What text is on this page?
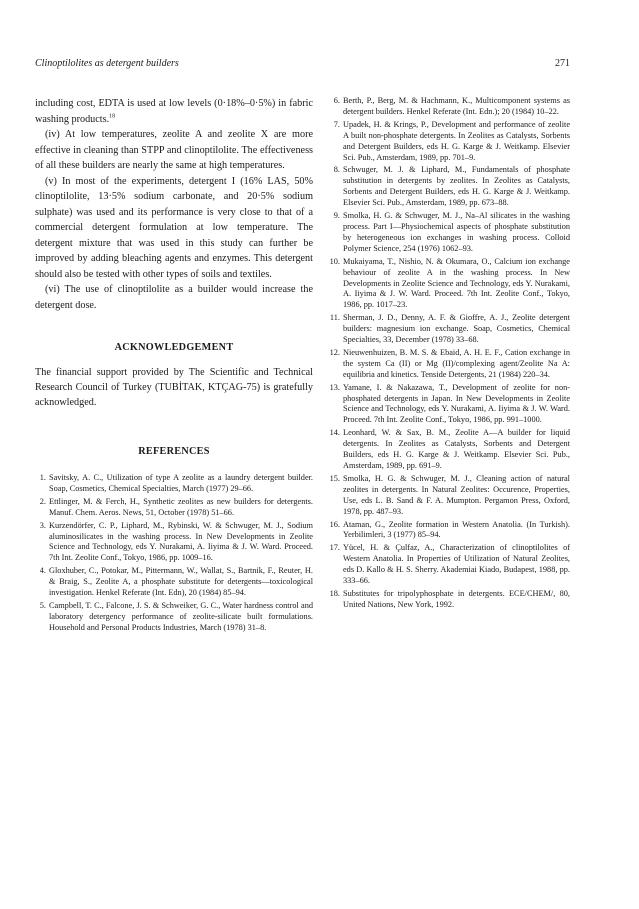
Clinoptilolites as detergent builders	271

including cost, EDTA is used at low levels (0·18%–0·5%) in fabric washing products.$^{18}$

(iv) At low temperatures, zeolite A and zeolite X are more effective in cleaning than STPP and clinoptilolite. The effectiveness of all these builders are nearly the same at high temperatures.

(v) In most of the experiments, detergent I (16% LAS, 50% clinoptilolite, 13·5% sodium carbonate, and 20·5% sodium sulphate) was used and its performance is very close to that of a commercial detergent formulation at low temperature. The detergent mixture that was used in this study can further be improved by adding bleaching agents and enzymes. This detergent should also be tested with other types of soils and textiles.

(vi) The use of clinoptilolite as a builder would increase the detergent dose.

ACKNOWLEDGEMENT

The financial support provided by The Scientific and Technical Research Council of Turkey (TUBİTAK, KTÇAG-75) is gratefully acknowledged.

REFERENCES
1. Savitsky, A. C., Utilization of type A zeolite as a laundry detergent builder. Soap, Cosmetics, Chemical Specialties, March (1977) 29–66.
2. Ettlinger, M. & Ferch, H., Synthetic zeolites as new builders for detergents. Manuf. Chem. Aeros. News, 51, October (1978) 51–66.
3. Kurzendörfer, C. P., Liphard, M., Rybinski, W. & Schwuger, M. J., Sodium aluminosilicates in the washing process. In New Developments in Zeolite Science and Technology, eds Y. Nurakami, A. Iiyima & J. W. Ward. Proceed. 7th Int. Zeolite Conf., Tokyo, 1986, pp. 1009–16.
4. Gloxhuber, C., Potokar, M., Pittermann, W., Wallat, S., Bartnik, F., Reuter, H. & Braig, S., Zeolite A, a phosphate substitute for detergents—toxicological investigation. Henkel Referate (Int. Edn), 20 (1984) 85–94.
5. Campbell, T. C., Falcone, J. S. & Schweiker, G. C., Water hardness control and laboratory detergency performance of zeolite-silicate built formulations. Household and Personal Products Industries, March (1978) 31–8.
6. Berth, P., Berg, M. & Hachmann, K., Multicomponent systems as detergent builders. Henkel Referate (Int. Edn.); 20 (1984) 10–22.
7. Upadek, H. & Krings, P., Development and performance of zeolite A built non-phosphate detergents. In Zeolites as Catalysts, Sorbents and Detergent Builders, eds H. G. Karge & J. Weitkamp. Elsevier Sci. Pub., Amsterdam, 1989, pp. 701–9.
8. Schwuger, M. J. & Liphard, M., Fundamentals of phosphate substitution in detergents by zeolites. In Zeolites as Catalysts, Sorbents and Detergent Builders, eds H. G. Karge & J. Weitkamp. Elsevier Sci. Pub., Amsterdam, 1989, pp. 673–88.
9. Smolka, H. G. & Schwuger, M. J., Na–Al silicates in the washing process. Part I—Physiochemical aspects of phosphate substitution by heterogeneous ion exchanges in washing process. Colloid Polymer Science, 254 (1976) 1062–93.
10. Mukaiyama, T., Nishio, N. & Okumara, O., Calcium ion exchange behaviour of zeolite A in the washing process. In New Developments in Zeolite Science and Technology, eds Y. Nurakami, A. Iiyima & J. W. Ward. Proceed. 7th Int. Zeolite Conf., Tokyo, 1986, pp. 1017–23.
11. Sherman, J. D., Denny, A. F. & Gioffre, A. J., Zeolite detergent builders: magnesium ion exchange. Soap, Cosmetics, Chemical Specialties, 33, December (1978) 33–68.
12. Nieuwenhuizen, B. M. S. & Ebaid, A. H. E. F., Cation exchange in the system Ca (II) or Mg (II)/complexing agent/Zeolite Na A: equilibria and kinetics. Tenside Detergents, 21 (1984) 220–34.
13. Yamane, I. & Nakazawa, T., Development of zeolite for non-phosphated detergents in Japan. In New Developments in Zeolite Science and Technology, eds Y. Nurakami, A. Iiyima & J. W. Ward. Proceed. 7th Int. Zeolite Conf., Tokyo, 1986, pp. 991–1000.
14. Leonhard, W. & Sax, B. M., Zeolite A—A builder for liquid detergents. In Zeolites as Catalysts, Sorbents and Detergent Builders, eds H. G. Karge & J. Weitkamp. Elsevier Sci. Pub., Amsterdam, 1989, pp. 691–9.
15. Smolka, H. G. & Schwuger, M. J., Cleaning action of natural zeolites in detergents. In Natural Zeolites: Occurence, Properties, Use, eds L. B. Sand & F. A. Mumpton. Pergamon Press, Oxford, 1978, pp. 487–93.
16. Ataman, G., Zeolite formation in Western Anatolia. (In Turkish). Yerbilimleri, 3 (1977) 85–94.
17. Yücel, H. & Çulfaz, A., Characterization of clinoptilolites of Western Anatolia. In Properties of Utilization of Natural Zeolites, eds D. Kallo & H. S. Sherry. Akademiai Kiado, Budapest, 1988, pp. 333–66.
18. Substitutes for tripolyphosphate in detergents. ECE/CHEM/, 80, United Nations, New York, 1992.
